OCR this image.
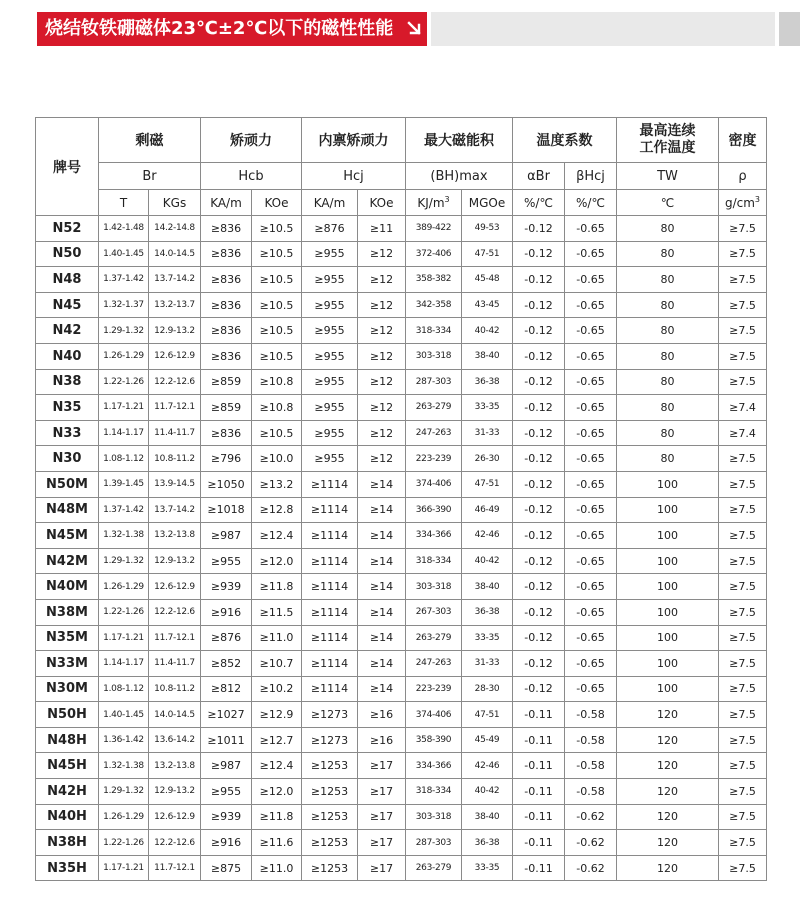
烧结钕铁硼磁体23℃±2℃以下的磁性性能
牌号	剩磁		矫顽力		内禀矫顽力		最大磁能积		温度系数		最高连续工作温度	密度
	Br		Hcb		Hcj		(BH)max		αBr	βHcj	TW	ρ
	T	KGs	KA/m	KOe	KA/m	KOe	$KJ/m^3$	MGOe	%/℃	%/℃	℃	$g/cm^3$
N52	1.42-1.48	14.2-14.8	≥836	≥10.5	≥876	≥11	389-422	49-53	-0.12	-0.65	80	≥7.5
N50	1.40-1.45	14.0-14.5	≥836	≥10.5	≥955	≥12	372-406	47-51	-0.12	-0.65	80	≥7.5
N48	1.37-1.42	13.7-14.2	≥836	≥10.5	≥955	≥12	358-382	45-48	-0.12	-0.65	80	≥7.5
N45	1.32-1.37	13.2-13.7	≥836	≥10.5	≥955	≥12	342-358	43-45	-0.12	-0.65	80	≥7.5
N42	1.29-1.32	12.9-13.2	≥836	≥10.5	≥955	≥12	318-334	40-42	-0.12	-0.65	80	≥7.5
N40	1.26-1.29	12.6-12.9	≥836	≥10.5	≥955	≥12	303-318	38-40	-0.12	-0.65	80	≥7.5
N38	1.22-1.26	12.2-12.6	≥859	≥10.8	≥955	≥12	287-303	36-38	-0.12	-0.65	80	≥7.5
N35	1.17-1.21	11.7-12.1	≥859	≥10.8	≥955	≥12	263-279	33-35	-0.12	-0.65	80	≥7.4
N33	1.14-1.17	11.4-11.7	≥836	≥10.5	≥955	≥12	247-263	31-33	-0.12	-0.65	80	≥7.4
N30	1.08-1.12	10.8-11.2	≥796	≥10.0	≥955	≥12	223-239	26-30	-0.12	-0.65	80	≥7.5
N50M	1.39-1.45	13.9-14.5	≥1050	≥13.2	≥1114	≥14	374-406	47-51	-0.12	-0.65	100	≥7.5
N48M	1.37-1.42	13.7-14.2	≥1018	≥12.8	≥1114	≥14	366-390	46-49	-0.12	-0.65	100	≥7.5
N45M	1.32-1.38	13.2-13.8	≥987	≥12.4	≥1114	≥14	334-366	42-46	-0.12	-0.65	100	≥7.5
N42M	1.29-1.32	12.9-13.2	≥955	≥12.0	≥1114	≥14	318-334	40-42	-0.12	-0.65	100	≥7.5
N40M	1.26-1.29	12.6-12.9	≥939	≥11.8	≥1114	≥14	303-318	38-40	-0.12	-0.65	100	≥7.5
N38M	1.22-1.26	12.2-12.6	≥916	≥11.5	≥1114	≥14	267-303	36-38	-0.12	-0.65	100	≥7.5
N35M	1.17-1.21	11.7-12.1	≥876	≥11.0	≥1114	≥14	263-279	33-35	-0.12	-0.65	100	≥7.5
N33M	1.14-1.17	11.4-11.7	≥852	≥10.7	≥1114	≥14	247-263	31-33	-0.12	-0.65	100	≥7.5
N30M	1.08-1.12	10.8-11.2	≥812	≥10.2	≥1114	≥14	223-239	28-30	-0.12	-0.65	100	≥7.5
N50H	1.40-1.45	14.0-14.5	≥1027	≥12.9	≥1273	≥16	374-406	47-51	-0.11	-0.58	120	≥7.5
N48H	1.36-1.42	13.6-14.2	≥1011	≥12.7	≥1273	≥16	358-390	45-49	-0.11	-0.58	120	≥7.5
N45H	1.32-1.38	13.2-13.8	≥987	≥12.4	≥1253	≥17	334-366	42-46	-0.11	-0.58	120	≥7.5
N42H	1.29-1.32	12.9-13.2	≥955	≥12.0	≥1253	≥17	318-334	40-42	-0.11	-0.58	120	≥7.5
N40H	1.26-1.29	12.6-12.9	≥939	≥11.8	≥1253	≥17	303-318	38-40	-0.11	-0.62	120	≥7.5
N38H	1.22-1.26	12.2-12.6	≥916	≥11.6	≥1253	≥17	287-303	36-38	-0.11	-0.62	120	≥7.5
N35H	1.17-1.21	11.7-12.1	≥875	≥11.0	≥1253	≥17	263-279	33-35	-0.11	-0.62	120	≥7.5
